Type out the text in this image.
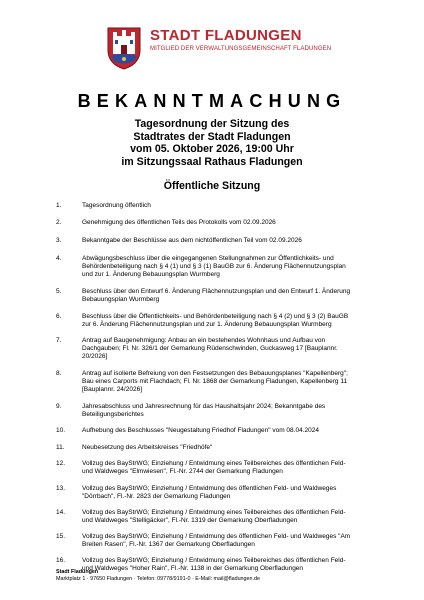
STADT FLADUNGEN
MITGLIED DER VERWALTUNGSGEMEINSCHAFT FLADUNGEN
BEKANNTMACHUNG
Tagesordnung der Sitzung des
Stadtrates der Stadt Fladungen
vom 05. Oktober 2026, 19:00 Uhr
im Sitzungssaal Rathaus Fladungen
Öffentliche Sitzung
1.	Tagesordnung öffentlich
2.	Genehmigung des öffentlichen Teils des Protokolls vom 02.09.2026
3.	Bekanntgabe der Beschlüsse aus dem nichtöffentlichen Teil vom 02.09.2026
4.	Abwägungsbeschluss über die eingegangenen Stellungnahmen zur Öffentlichkeits- und
Behördenbeteiligung nach § 4 (1) und § 3 (1) BauGB zur 6. Änderung Flächennutzungsplan
und zur 1. Änderung Bebauungsplan Wurmberg
5.	Beschluss über den Entwurf 6. Änderung Flächennutzungsplan und den Entwurf 1. Änderung
Bebauungsplan Wurmberg
6.	Beschluss über die Öffentlichkeits- und Behördenbeteiligung nach § 4 (2) und § 3 (2) BauGB
zur 6. Änderung Flächennutzungsplan und zur 1. Änderung Bebauungsplan Wurmberg
7.	Antrag auf Baugenehmigung: Anbau an ein bestehendes Wohnhaus und Aufbau von
Dachgauben; Fl. Nr. 326/1 der Gemarkung Rüdenschwinden, Guckasweg 17 [Bauplannr.
20/2026]
8.	Antrag auf isolierte Befreiung von den Festsetzungen des Bebauungsplanes "Kapellenberg";
Bau eines Carports mit Flachdach; Fl. Nr. 1868 der Gemarkung Fladungen, Kapellenberg 11
[Bauplannr. 24/2026]
9.	Jahresabschluss und Jahresrechnung für das Haushaltsjahr 2024; Bekanntgabe des
Beteiligungsberichtes
10.	Aufhebung des Beschlusses "Neugestaltung Friedhof Fladungen" vom 08.04.2024
11.	Neubesetzung des Arbeitskreises "Friedhöfe"
12.	Vollzug des BayStrWG; Einziehung / Entwidmung eines Teilbereiches des öffentlichen Feld-
und Waldweges "Elmwiesen", Fl.-Nr. 2744 der Gemarkung Fladungen
13.	Vollzug des BayStrWG; Einziehung / Entwidmung des öffentlichen Feld- und Waldweges
"Dörrbach", Fl.-Nr. 2823 der Gemarkung Fladungen
14.	Vollzug des BayStrWG; Einziehung / Entwidmung eines Teilbereiches des öffentlichen Feld-
und Waldweges "Stelligäcker", Fl.-Nr. 1319 der Gemarkung Oberfladungen
15.	Vollzug des BayStrWG; Einziehung / Entwidmung des öffentlichen Feld- und Waldweges "Am
Breiten Rasen", Fl.-Nr. 1367 der Gemarkung Oberfladungen
16.	Vollzug des BayStrWG; Einziehung / Entwidmung eines Teilbereiches des öffentlichen Feld-
und Waldweges "Hoher Rain", Fl.-Nr. 1138 in der Gemarkung Oberfladungen
Stadt Fladungen
Marktplatz 1 · 97650 Fladungen · Telefon: 09778/9191-0 · E-Mail: mail@fladungen.de
